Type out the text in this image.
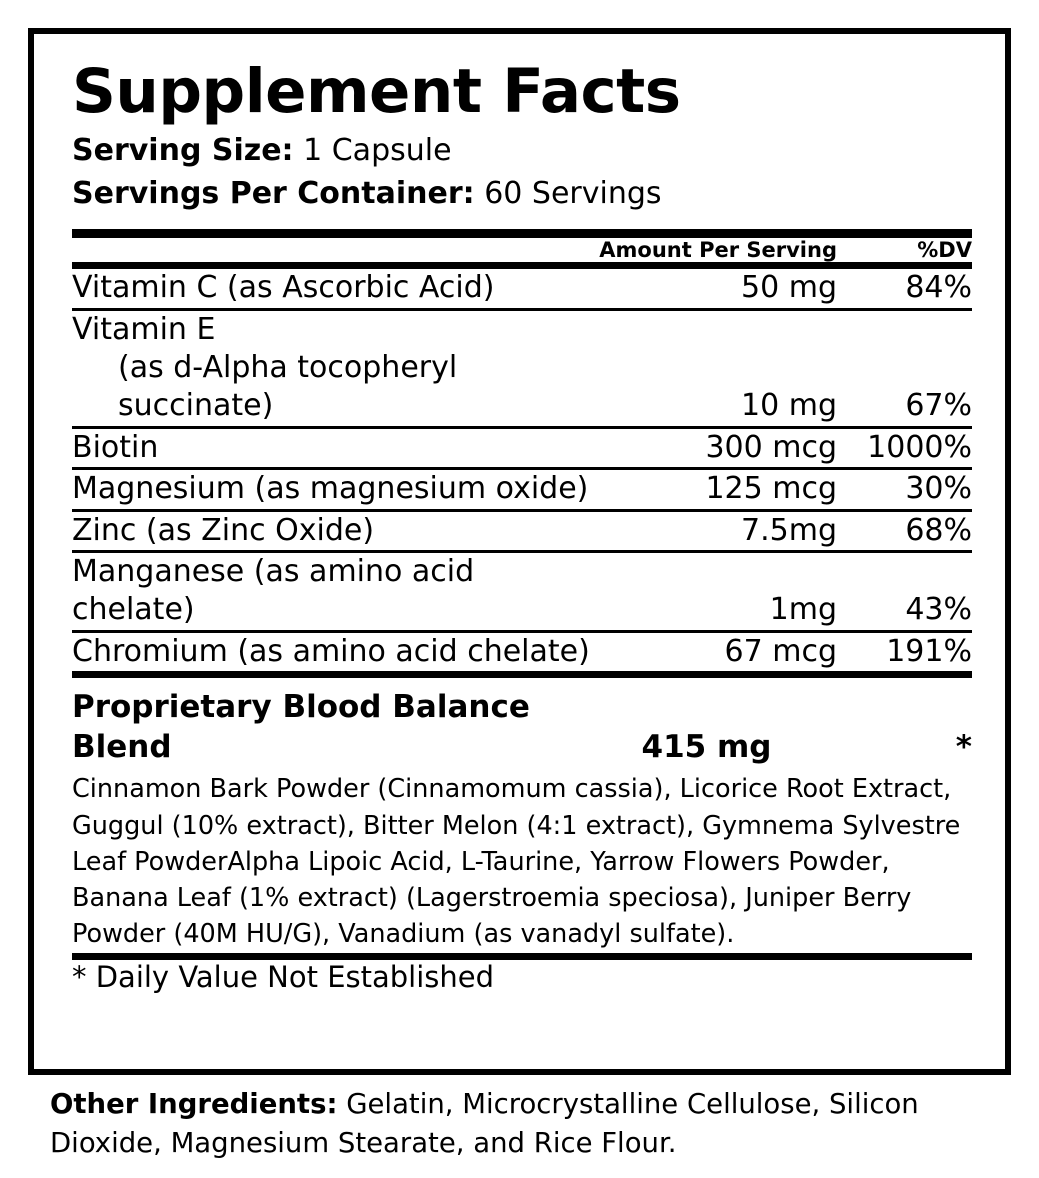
Supplement Facts
Serving Size: 1 Capsule
Servings Per Container: 60 Servings
	Amount Per Serving	%DV

Vitamin C (as Ascorbic Acid)	50 mg	84%

Vitamin E
(as d-Alpha tocopheryl succinate)	10 mg	67%

Biotin	300 mcg	1000%

Magnesium (as magnesium oxide)	125 mcg	30%

Zinc (as Zinc Oxide)	7.5mg	68%

Manganese (as amino acid chelate)	1mg	43%

Chromium (as amino acid chelate)	67 mcg	191%

Proprietary Blood Balance Blend	415 mg	*
Cinnamon Bark Powder (Cinnamomum cassia), Licorice Root Extract, Guggul (10% extract), Bitter Melon (4:1 extract), Gymnema Sylvestre Leaf PowderAlpha Lipoic Acid, L-Taurine, Yarrow Flowers Powder, Banana Leaf (1% extract) (Lagerstroemia speciosa), Juniper Berry Powder (40M HU/G), Vanadium (as vanadyl sulfate).		

* Daily Value Not Established		
Other Ingredients: Gelatin, Microcrystalline Cellulose, Silicon Dioxide, Magnesium Stearate, and Rice Flour.
